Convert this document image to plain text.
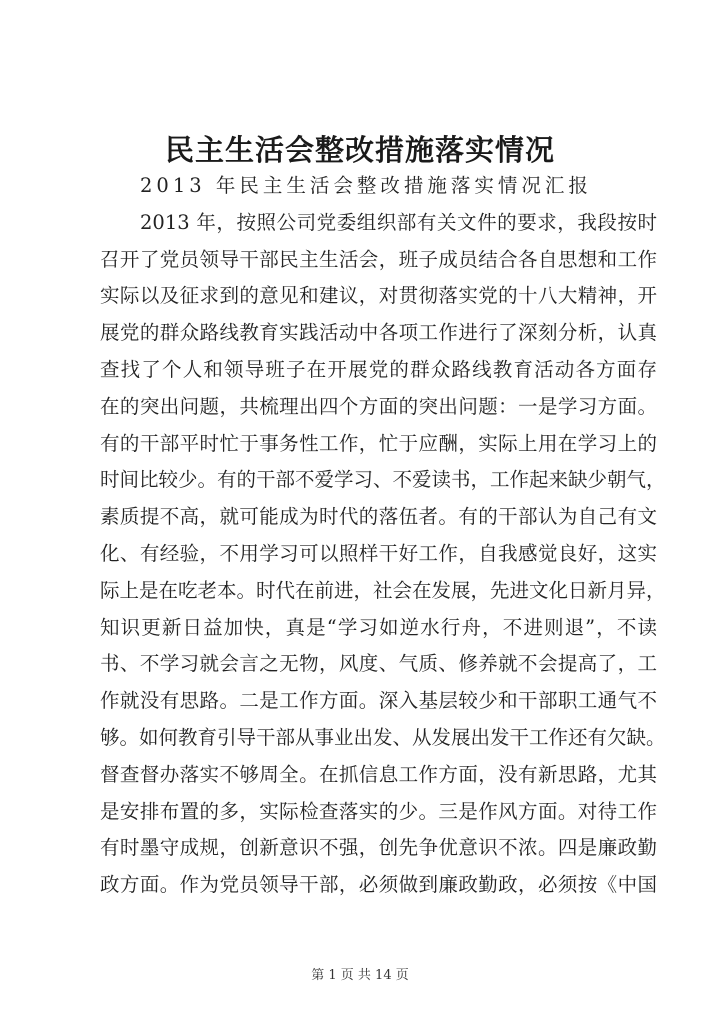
民主生活会整改措施落实情况
2013 年民主生活会整改措施落实情况汇报
2013 年，按照公司党委组织部有关文件的要求，我段按时
召开了党员领导干部民主生活会，班子成员结合各自思想和工作
实际以及征求到的意见和建议，对贯彻落实党的十八大精神，开
展党的群众路线教育实践活动中各项工作进行了深刻分析，认真
查找了个人和领导班子在开展党的群众路线教育活动各方面存
在的突出问题，共梳理出四个方面的突出问题：一是学习方面。
有的干部平时忙于事务性工作，忙于应酬，实际上用在学习上的
时间比较少。有的干部不爱学习、不爱读书，工作起来缺少朝气，
素质提不高，就可能成为时代的落伍者。有的干部认为自己有文
化、有经验，不用学习可以照样干好工作，自我感觉良好，这实
际上是在吃老本。时代在前进，社会在发展，先进文化日新月异，
知识更新日益加快，真是“学习如逆水行舟，不进则退”，不读
书、不学习就会言之无物，风度、气质、修养就不会提高了，工
作就没有思路。二是工作方面。深入基层较少和干部职工通气不
够。如何教育引导干部从事业出发、从发展出发干工作还有欠缺。
督查督办落实不够周全。在抓信息工作方面，没有新思路，尤其
是安排布置的多，实际检查落实的少。三是作风方面。对待工作
有时墨守成规，创新意识不强，创先争优意识不浓。四是廉政勤
政方面。作为党员领导干部，必须做到廉政勤政，必须按《中国
第 1 页 共 14 页
